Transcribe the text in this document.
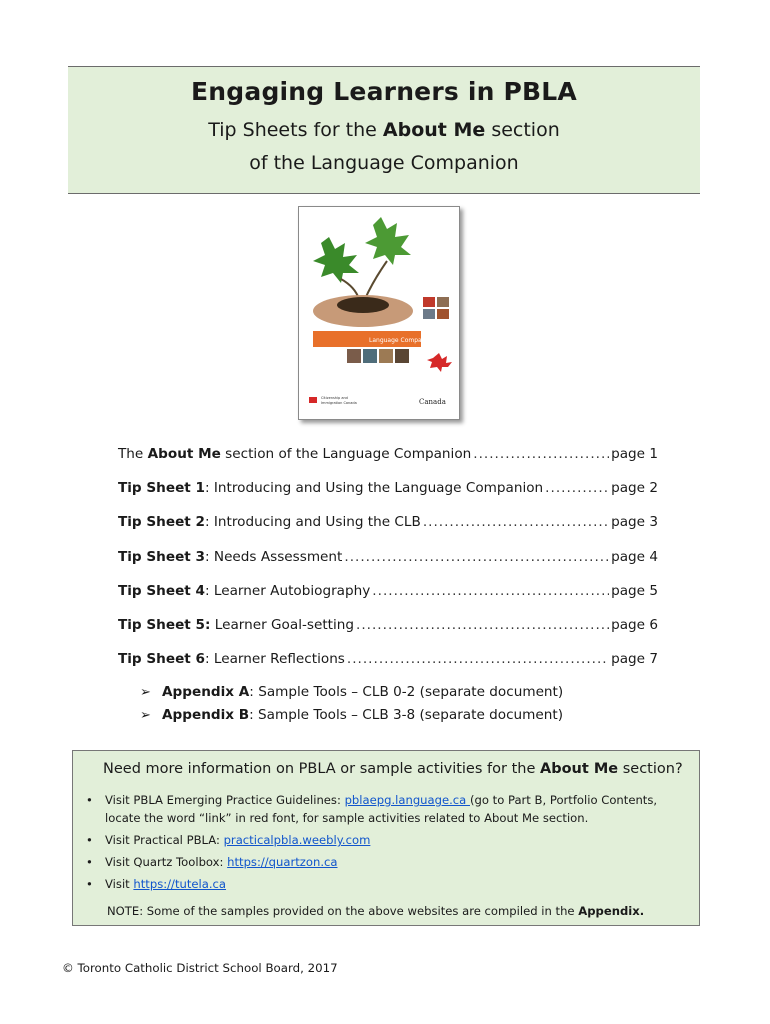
Engaging Learners in PBLA
Tip Sheets for the About Me section
of the Language Companion
Language Companion
Citizenship and
Immigration Canada	Canada
The About Me section of the Language Companion .....	page 1
Tip Sheet 1: Introducing and Using the Language Companion .....	page 2
Tip Sheet 2: Introducing and Using the CLB .....	page 3
Tip Sheet 3: Needs Assessment .....	page 4
Tip Sheet 4: Learner Autobiography .....	page 5
Tip Sheet 5: Learner Goal-setting .....	page 6
Tip Sheet 6: Learner Reflections .....	page 7
➢ Appendix A: Sample Tools – CLB 0-2 (separate document)
➢ Appendix B: Sample Tools – CLB 3-8 (separate document)
Need more information on PBLA or sample activities for the About Me section?
• Visit PBLA Emerging Practice Guidelines: pblaepg.language.ca (go to Part B, Portfolio Contents, locate the word “link” in red font, for sample activities related to About Me section.
• Visit Practical PBLA: practicalpbla.weebly.com
• Visit Quartz Toolbox: https://quartzon.ca
• Visit https://tutela.ca
NOTE: Some of the samples provided on the above websites are compiled in the Appendix.
© Toronto Catholic District School Board, 2017
